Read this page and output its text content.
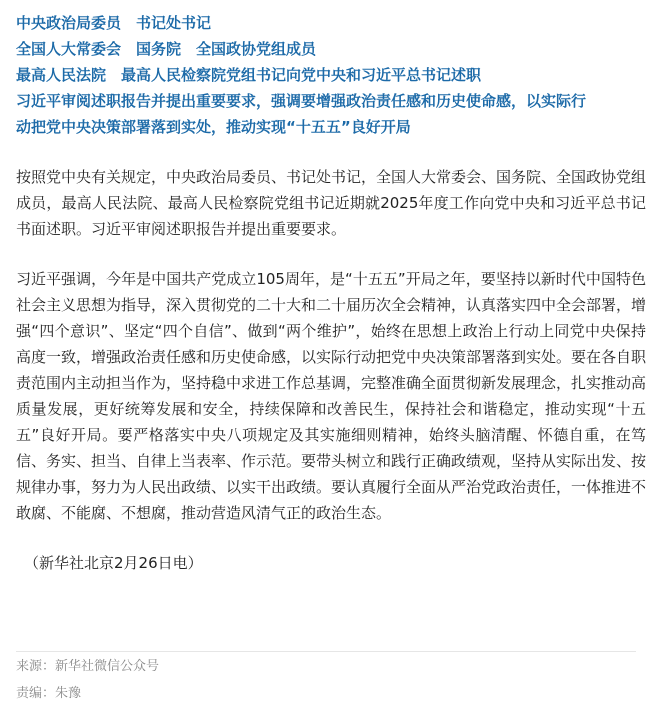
中央政治局委员　书记处书记
全国人大常委会　国务院　全国政协党组成员
最高人民法院　最高人民检察院党组书记向党中央和习近平总书记述职
习近平审阅述职报告并提出重要要求，强调要增强政治责任感和历史使命感，以实际行
动把党中央决策部署落到实处，推动实现“十五五”良好开局

按照党中央有关规定，中央政治局委员、书记处书记，全国人大常委会、国务院、全国政协党组成员，最高人民法院、最高人民检察院党组书记近期就2025年度工作向党中央和习近平总书记书面述职。习近平审阅述职报告并提出重要要求。

习近平强调，今年是中国共产党成立105周年，是“十五五”开局之年，要坚持以新时代中国特色社会主义思想为指导，深入贯彻党的二十大和二十届历次全会精神，认真落实四中全会部署，增强“四个意识”、坚定“四个自信”、做到“两个维护”，始终在思想上政治上行动上同党中央保持高度一致，增强政治责任感和历史使命感，以实际行动把党中央决策部署落到实处。要在各自职责范围内主动担当作为，坚持稳中求进工作总基调，完整准确全面贯彻新发展理念，扎实推动高质量发展，更好统筹发展和安全，持续保障和改善民生，保持社会和谐稳定，推动实现“十五五”良好开局。要严格落实中央八项规定及其实施细则精神，始终头脑清醒、怀德自重，在笃信、务实、担当、自律上当表率、作示范。要带头树立和践行正确政绩观，坚持从实际出发、按规律办事，努力为人民出政绩、以实干出政绩。要认真履行全面从严治党政治责任，一体推进不敢腐、不能腐、不想腐，推动营造风清气正的政治生态。

（新华社北京2月26日电）
来源：新华社微信公众号
责编：朱豫
